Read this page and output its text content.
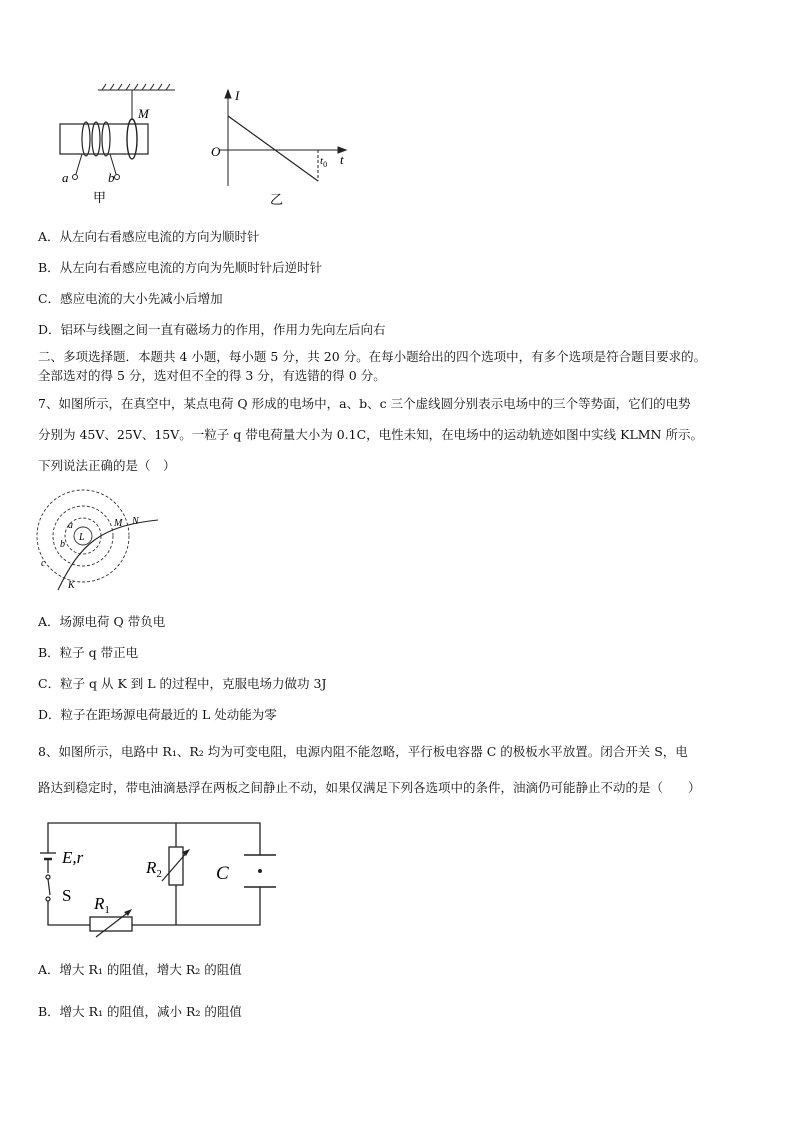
M
a	b
甲
I
O
t
$t_0$
乙
A．从左向右看感应电流的方向为顺时针
B．从左向右看感应电流的方向为先顺时针后逆时针
C．感应电流的大小先减小后增加
D．铝环与线圈之间一直有磁场力的作用，作用力先向左后向右
二、多项选择题．本题共 4 小题，每小题 5 分，共 20 分。在每小题给出的四个选项中，有多个选项是符合题目要求的。
全部选对的得 5 分，选对但不全的得 3 分，有选错的得 0 分。
7、如图所示，在真空中，某点电荷 Q 形成的电场中，a、b、c 三个虚线圆分别表示电场中的三个等势面，它们的电势
分别为 45V、25V、15V。一粒子 q 带电荷量大小为 0.1C，电性未知，在电场中的运动轨迹如图中实线 KLMN 所示。
下列说法正确的是（　）
L
a
b
c
M N
K
A．场源电荷 Q 带负电
B．粒子 q 带正电
C．粒子 q 从 K 到 L 的过程中，克服电场力做功 3J
D．粒子在距场源电荷最近的 L 处动能为零
8、如图所示，电路中 R₁、R₂ 均为可变电阻，电源内阻不能忽略，平行板电容器 C 的极板水平放置。闭合开关 S，电
路达到稳定时，带电油滴悬浮在两板之间静止不动，如果仅满足下列各选项中的条件，油滴仍可能静止不动的是（　　）
E,r
S $R_1$
$R_2$	C
A．增大 R₁ 的阻值，增大 R₂ 的阻值
B．增大 R₁ 的阻值，减小 R₂ 的阻值
